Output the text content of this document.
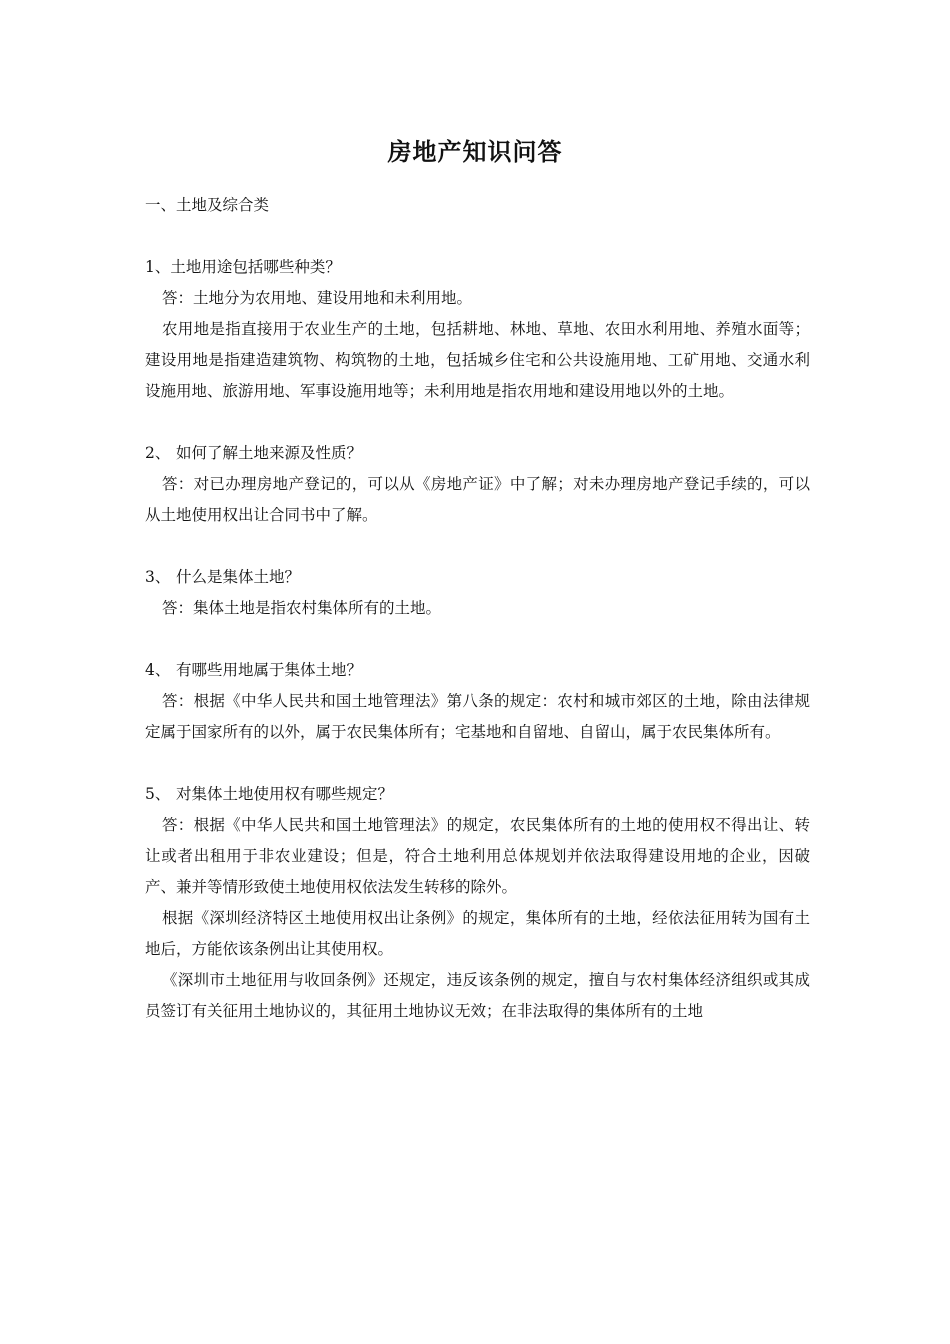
房地产知识问答

一、土地及综合类

1、土地用途包括哪些种类？

答：土地分为农用地、建设用地和未利用地。

农用地是指直接用于农业生产的土地，包括耕地、林地、草地、农田水利用地、养殖水面等；建设用地是指建造建筑物、构筑物的土地，包括城乡住宅和公共设施用地、工矿用地、交通水利设施用地、旅游用地、军事设施用地等；未利用地是指农用地和建设用地以外的土地。

2、 如何了解土地来源及性质？

答：对已办理房地产登记的，可以从《房地产证》中了解；对未办理房地产登记手续的，可以从土地使用权出让合同书中了解。

3、 什么是集体土地？

答：集体土地是指农村集体所有的土地。

4、 有哪些用地属于集体土地？

答：根据《中华人民共和国土地管理法》第八条的规定：农村和城市郊区的土地，除由法律规定属于国家所有的以外，属于农民集体所有；宅基地和自留地、自留山，属于农民集体所有。

5、 对集体土地使用权有哪些规定？

答：根据《中华人民共和国土地管理法》的规定，农民集体所有的土地的使用权不得出让、转让或者出租用于非农业建设；但是，符合土地利用总体规划并依法取得建设用地的企业，因破产、兼并等情形致使土地使用权依法发生转移的除外。

根据《深圳经济特区土地使用权出让条例》的规定，集体所有的土地，经依法征用转为国有土地后，方能依该条例出让其使用权。

《深圳市土地征用与收回条例》还规定，违反该条例的规定，擅自与农村集体经济组织或其成员签订有关征用土地协议的，其征用土地协议无效；在非法取得的集体所有的土地
